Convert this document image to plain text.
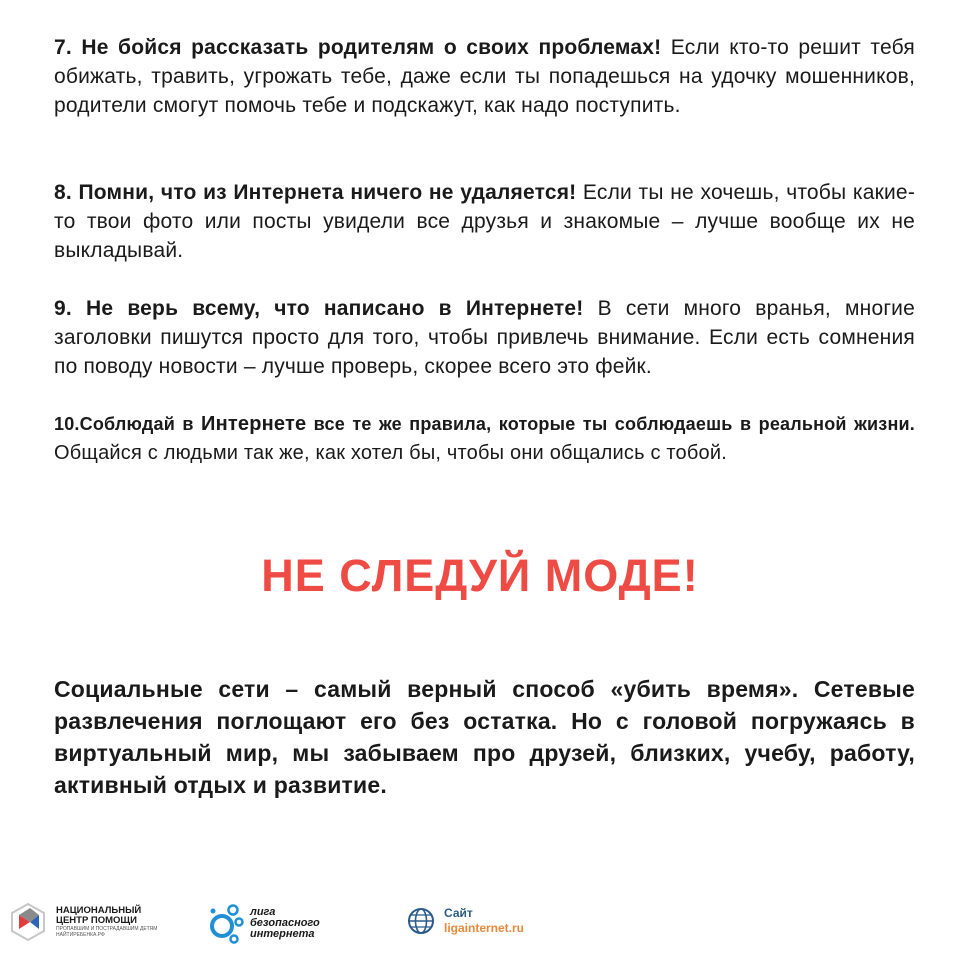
7. Не бойся рассказать родителям о своих проблемах! Если кто-то решит тебя обижать, травить, угрожать тебе, даже если ты попадешься на удочку мошенников, родители смогут помочь тебе и подскажут, как надо поступить.
8. Помни, что из Интернета ничего не удаляется! Если ты не хочешь, чтобы какие-то твои фото или посты увидели все друзья и знакомые – лучше вообще их не выкладывай.
9. Не верь всему, что написано в Интернете! В сети много вранья, многие заголовки пишутся просто для того, чтобы привлечь внимание. Если есть сомнения по поводу новости – лучше проверь, скорее всего это фейк.
10.Соблюдай в Интернете все те же правила, которые ты соблюдаешь в реальной жизни. Общайся с людьми так же, как хотел бы, чтобы они общались с тобой.
НЕ СЛЕДУЙ МОДЕ!
Социальные сети – самый верный способ «убить время». Сетевые развлечения поглощают его без остатка. Но с головой погружаясь в виртуальный мир, мы забываем про друзей, близких, учебу, работу, активный отдых и развитие.
НАЦИОНАЛЬНЫЙ
ЦЕНТР ПОМОЩИ
ПРОПАВШИМ И ПОСТРАДАВШИМ ДЕТЯМ
НАЙТИРЕБЕНКА.РФ
лига
безопасного
интернета
Сайт
ligainternet.ru
